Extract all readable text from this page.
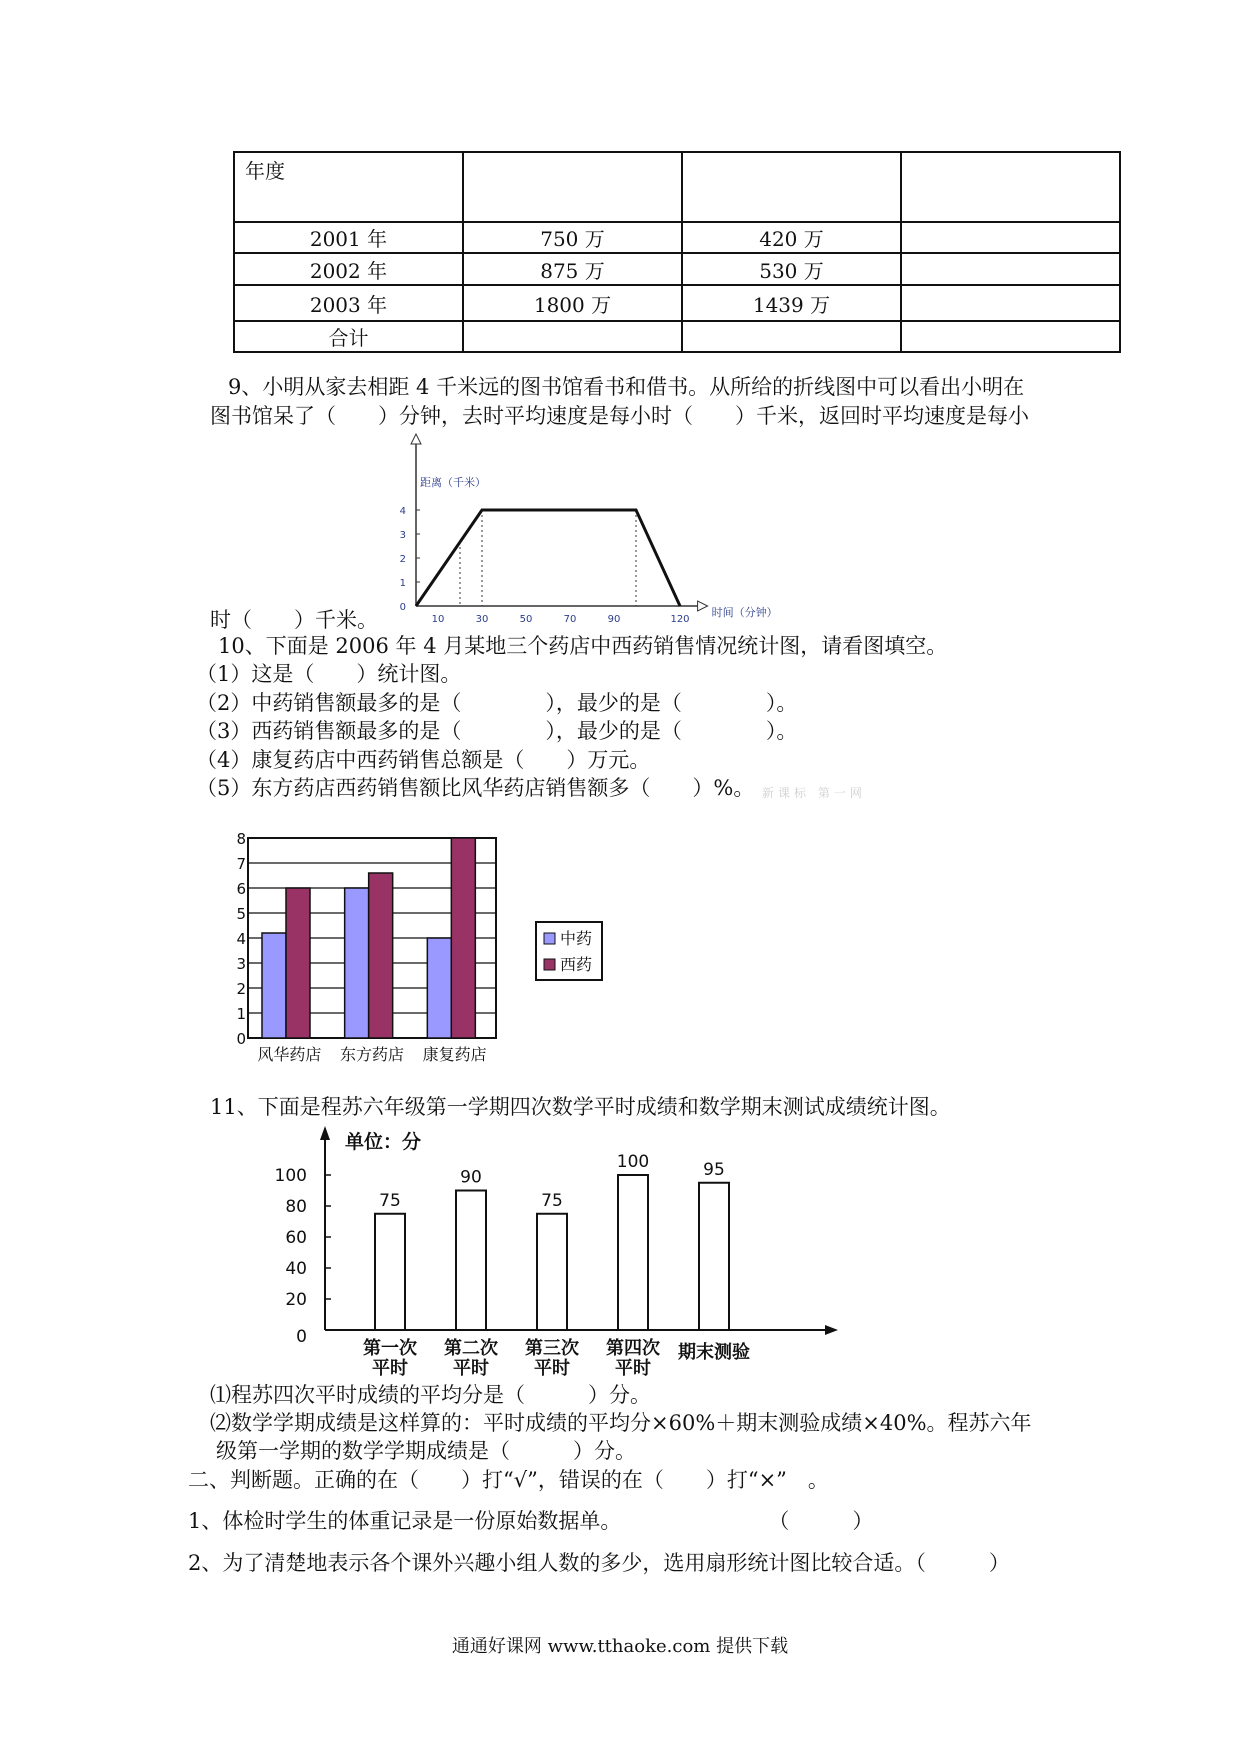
年度			
2001 年	750 万	420 万	
2002 年	875 万	530 万	
2003 年	1800 万	1439 万	
合计			
9、小明从家去相距 4 千米远的图书馆看书和借书。从所给的折线图中可以看出小明在
图书馆呆了（　　）分钟，去时平均速度是每小时（　　）千米，返回时平均速度是每小
时（　　）千米。
距离（千米）
时间（分钟）
0
1
2
3
4
10	30	50	70	90	120
10、下面是 2006 年 4 月某地三个药店中西药销售情况统计图，请看图填空。
（1）这是（　　）统计图。
（2）中药销售额最多的是（　　　　），最少的是（　　　　）。
（3）西药销售额最多的是（　　　　），最少的是（　　　　）。
（4）康复药店中西药销售总额是（　　）万元。
（5）东方药店西药销售额比风华药店销售额多（　　）%。 新课标 第一网
0
1
2
3
4
5
6
7
8
风华药店 东方药店 康复药店
中药
西药
11、下面是程苏六年级第一学期四次数学平时成绩和数学期末测试成绩统计图。
单位：分
0
20
40
60
80
100
75
第一次
平时
90
第二次
平时
75
第三次
平时
100
第四次
平时
95
期末测验
⑴程苏四次平时成绩的平均分是（　　　）分。
⑵数学学期成绩是这样算的：平时成绩的平均分×60%＋期末测验成绩×40%。程苏六年
级第一学期的数学学期成绩是（　　　）分。
二、判断题。正确的在（　　）打“√”，错误的在（　　）打“×”　。
1、体检时学生的体重记录是一份原始数据单。　　　　　　　　（　　　）
2、为了清楚地表示各个课外兴趣小组人数的多少，选用扇形统计图比较合适。（　　　）
通通好课网 www.tthaoke.com 提供下载
